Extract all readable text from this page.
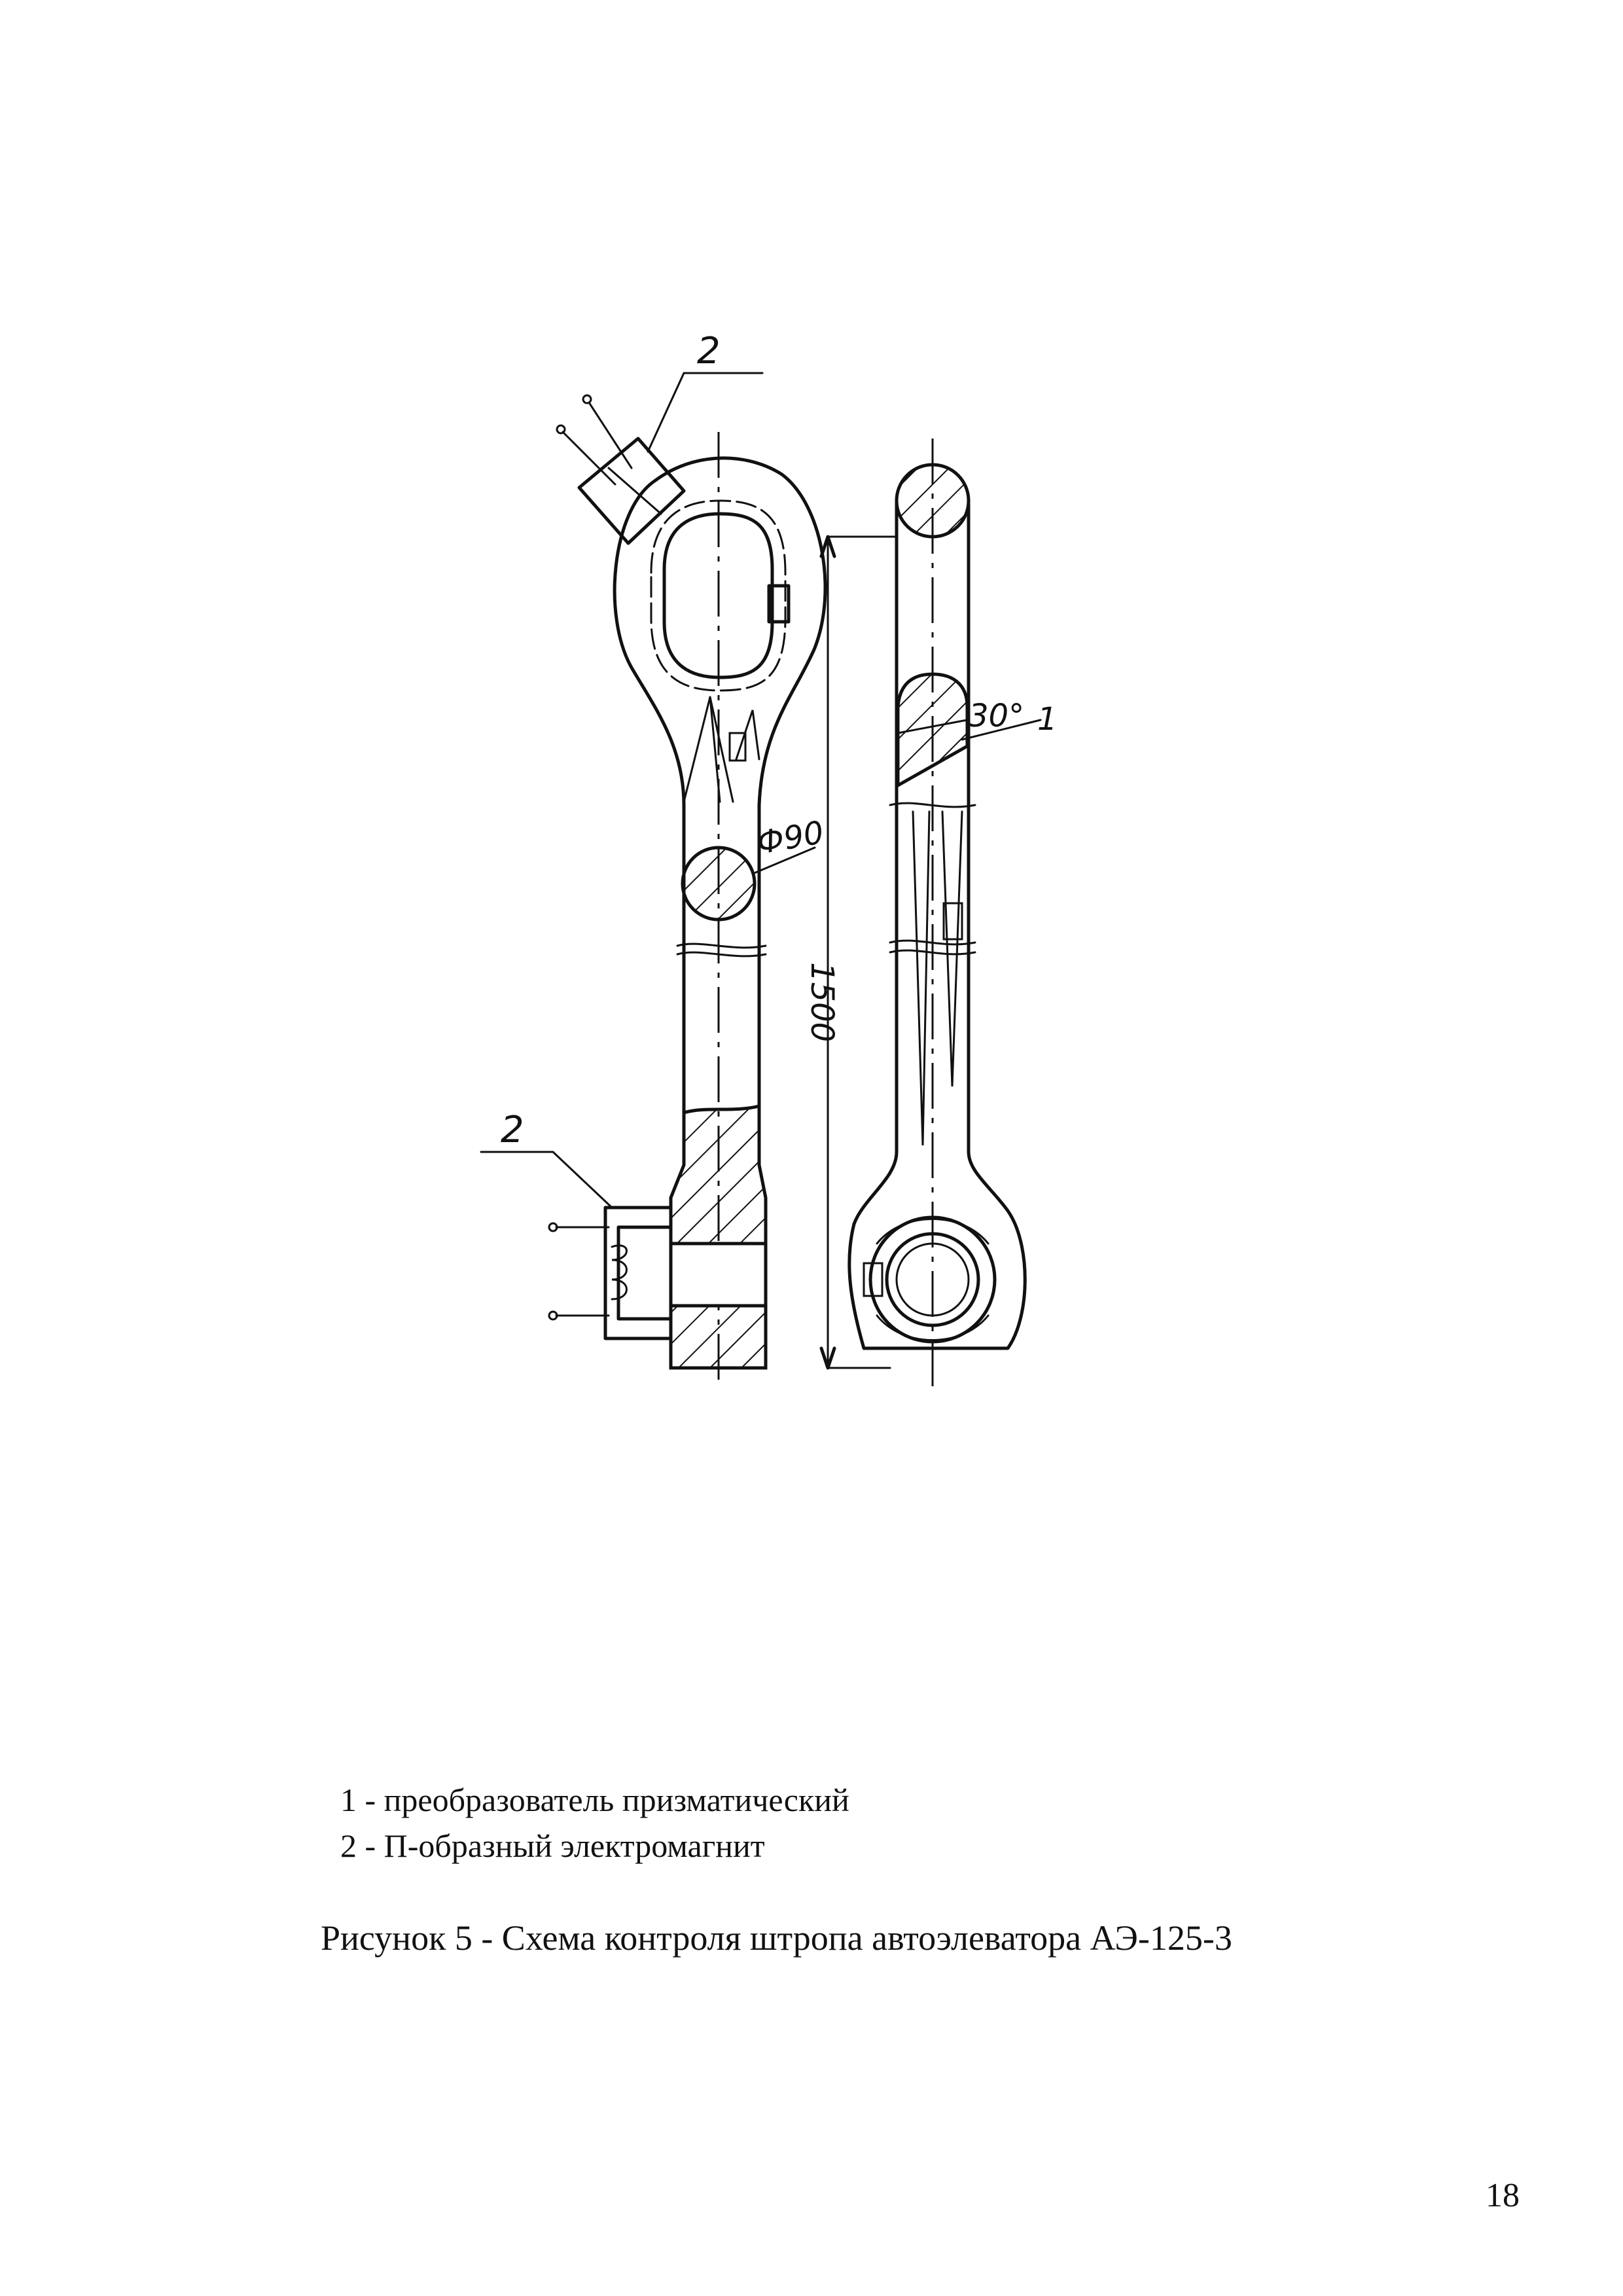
2
2
Ф90
1500
30° 1
1 - преобразователь призматический
2 - П-образный электромагнит
Рисунок 5 - Схема контроля штропа автоэлеватора АЭ-125-3
18
